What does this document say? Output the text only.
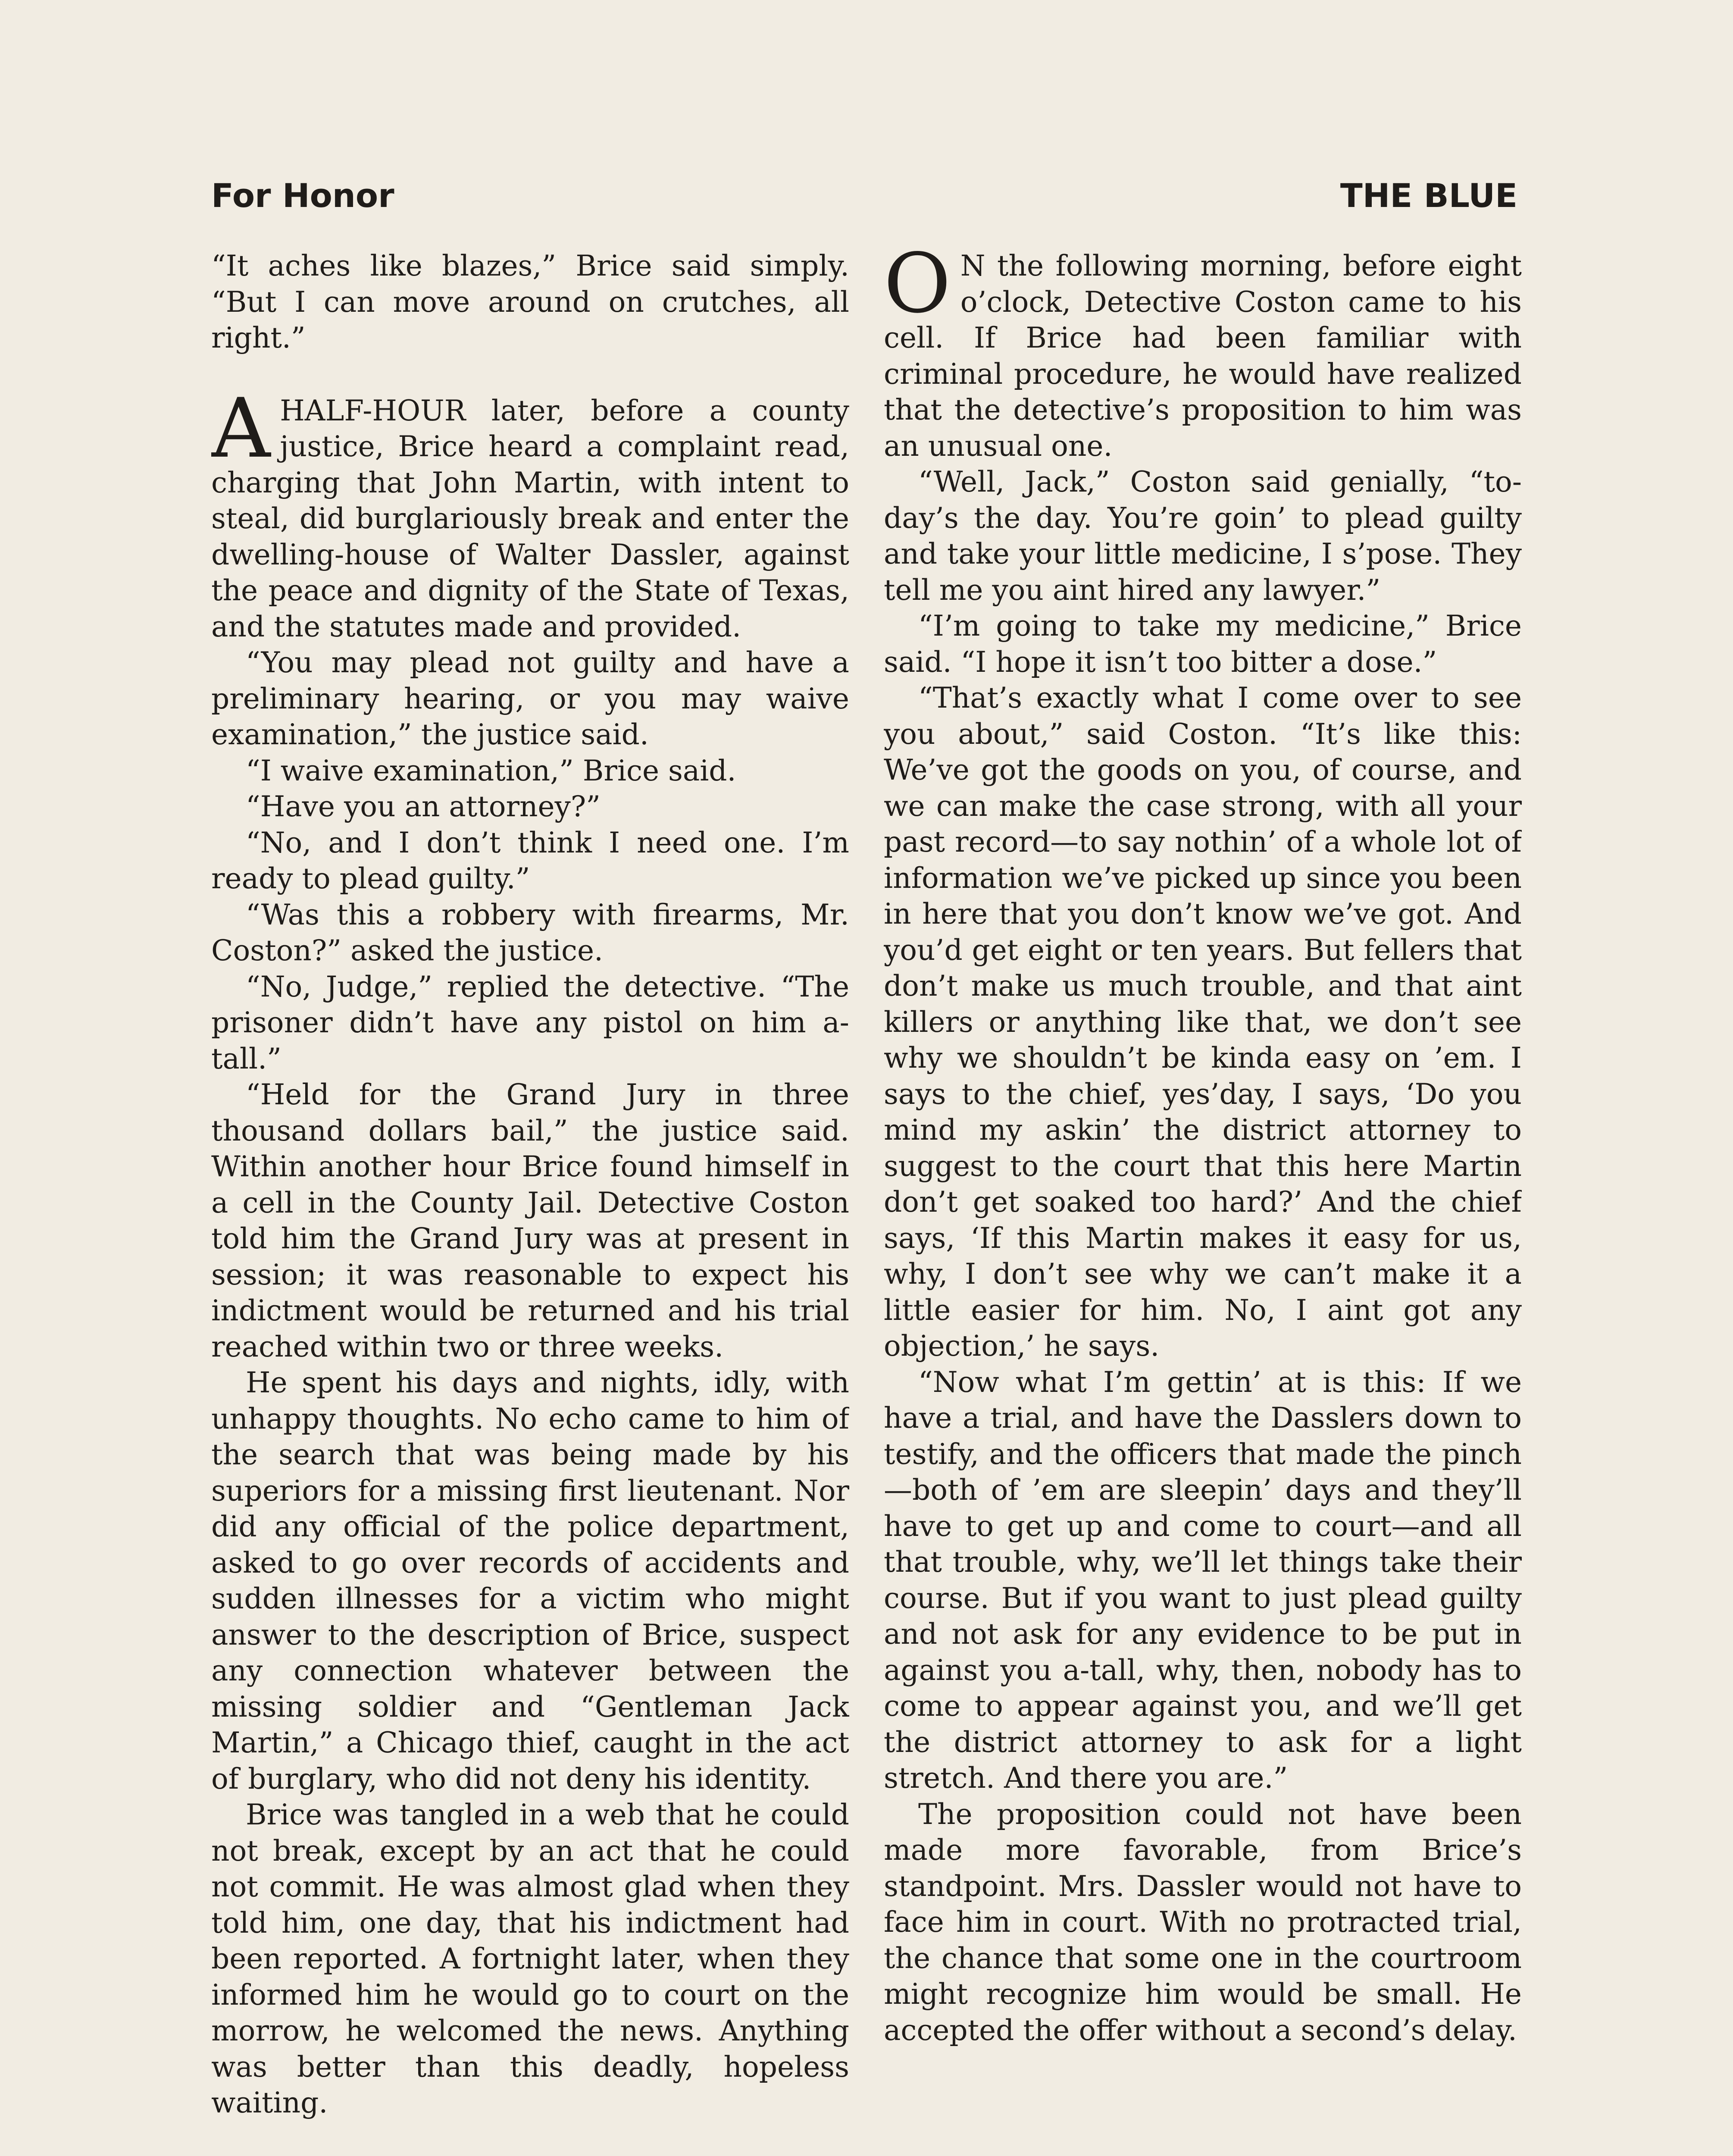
For Honor	THE BLUE

“It aches like blazes,” Brice said simply. “But I can move around on crutches, all right.”

AHALF-HOUR later, before a county justice, Brice heard a complaint read, charging that John Martin, with intent to steal, did burglariously break and enter the dwelling-house of Walter Dassler, against the peace and dignity of the State of Texas, and the statutes made and provided.

“You may plead not guilty and have a preliminary hearing, or you may waive examination,” the justice said.

“I waive examination,” Brice said.

“Have you an attorney?”

“No, and I don’t think I need one. I’m ready to plead guilty.”

“Was this a robbery with firearms, Mr. Coston?” asked the justice.

“No, Judge,” replied the detective. “The prisoner didn’t have any pistol on him a-tall.”

“Held for the Grand Jury in three thousand dollars bail,” the justice said. Within another hour Brice found himself in a cell in the County Jail. Detective Coston told him the Grand Jury was at present in session; it was reasonable to expect his indictment would be returned and his trial reached within two or three weeks.

He spent his days and nights, idly, with unhappy thoughts. No echo came to him of the search that was being made by his superiors for a missing first lieutenant. Nor did any official of the police department, asked to go over records of accidents and sudden illnesses for a victim who might answer to the description of Brice, suspect any connection whatever between the missing soldier and “Gentleman Jack Martin,” a Chicago thief, caught in the act of burglary, who did not deny his identity.

Brice was tangled in a web that he could not break, except by an act that he could not commit. He was almost glad when they told him, one day, that his indictment had been reported. A fortnight later, when they informed him he would go to court on the morrow, he welcomed the news. Anything was better than this deadly, hopeless waiting.

O N the following morning, before eight o’clock, Detective Coston came to his cell. If Brice had been familiar with criminal procedure, he would have realized that the detective’s proposition to him was an unusual one.

“Well, Jack,” Coston said genially, “to-day’s the day. You’re goin’ to plead guilty and take your little medicine, I s’pose. They tell me you aint hired any lawyer.”

“I’m going to take my medicine,” Brice said. “I hope it isn’t too bitter a dose.”

“That’s exactly what I come over to see you about,” said Coston. “It’s like this: We’ve got the goods on you, of course, and we can make the case strong, with all your past record—to say nothin’ of a whole lot of information we’ve picked up since you been in here that you don’t know we’ve got. And you’d get eight or ten years. But fellers that don’t make us much trouble, and that aint killers or anything like that, we don’t see why we shouldn’t be kinda easy on ’em. I says to the chief, yes’day, I says, ‘Do you mind my askin’ the district attorney to suggest to the court that this here Martin don’t get soaked too hard?’ And the chief says, ‘If this Martin makes it easy for us, why, I don’t see why we can’t make it a little easier for him. No, I aint got any objection,’ he says.

“Now what I’m gettin’ at is this: If we have a trial, and have the Dasslers down to testify, and the officers that made the pinch—both of ’em are sleepin’ days and they’ll have to get up and come to court—and all that trouble, why, we’ll let things take their course. But if you want to just plead guilty and not ask for any evidence to be put in against you a-tall, why, then, nobody has to come to appear against you, and we’ll get the district attorney to ask for a light stretch. And there you are.”

The proposition could not have been made more favorable, from Brice’s standpoint. Mrs. Dassler would not have to face him in court. With no protracted trial, the chance that some one in the courtroom might recognize him would be small. He accepted the offer without a second’s delay.
